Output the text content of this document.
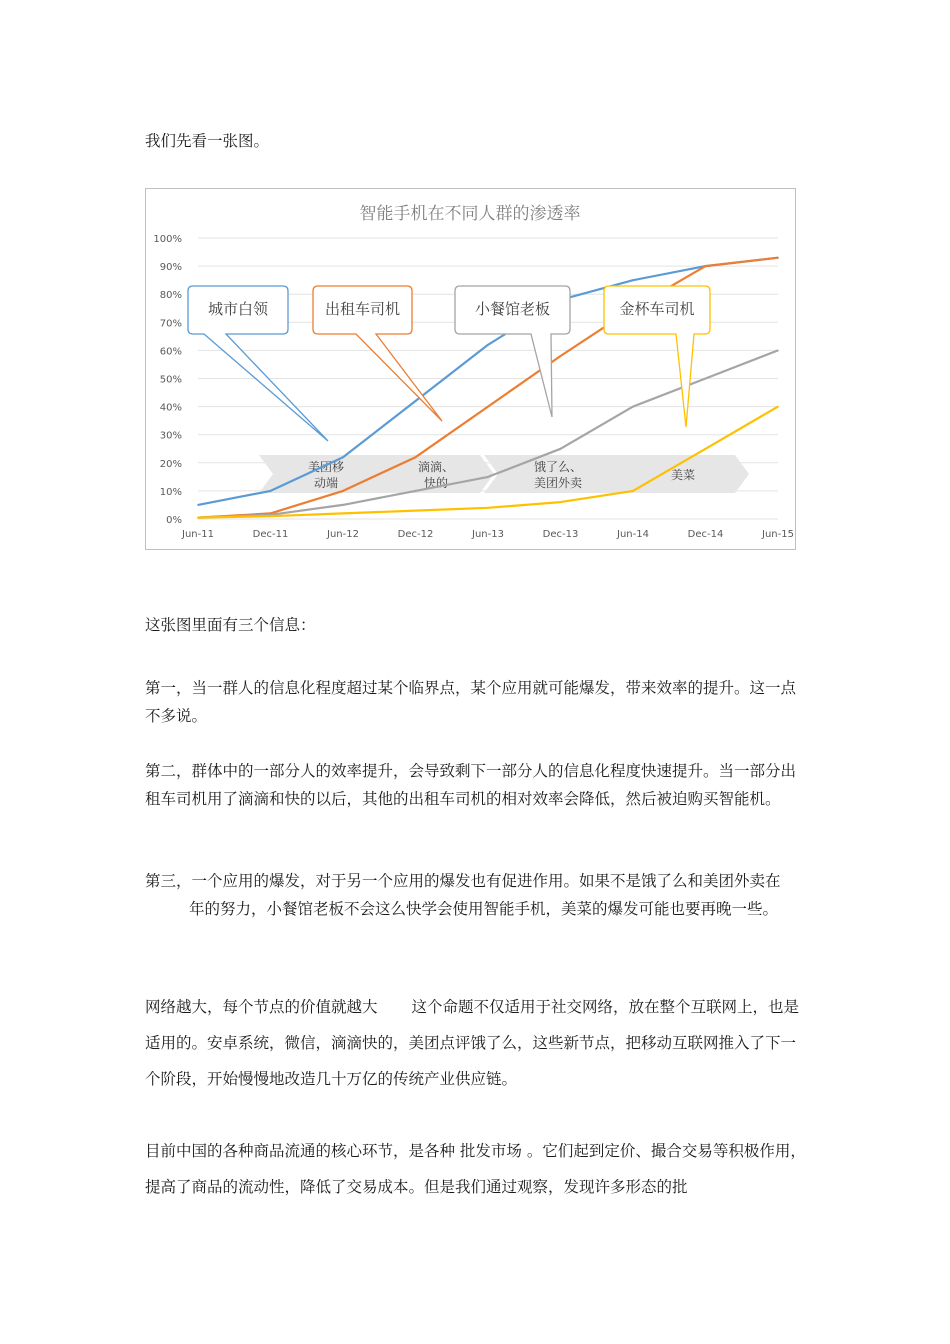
我们先看一张图。

智能手机在不同人群的渗透率
0%
10%
20%
30%
40%
50%
60%
70%
80%
90%
100%
美团移
动端
滴滴、
快的
饿了么、
美团外卖
美菜
城市白领	出租车司机	小餐馆老板	金杯车司机
Jun-11	Dec-11	Jun-12	Dec-12	Jun-13	Dec-13	Jun-14	Dec-14	Jun-15

这张图里面有三个信息：

第一，当一群人的信息化程度超过某个临界点，某个应用就可能爆发，带来效率的提升。这一点不多说。

第二，群体中的一部分人的效率提升，会导致剩下一部分人的信息化程度快速提升。当一部分出租车司机用了滴滴和快的以后，其他的出租车司机的相对效率会降低，然后被迫购买智能机。

第三，一个应用的爆发，对于另一个应用的爆发也有促进作用。如果不是饿了么和美团外卖在年的努力，小餐馆老板不会这么快学会使用智能手机，美菜的爆发可能也要再晚一些。

网络越大，每个节点的价值就越大 这个命题不仅适用于社交网络，放在整个互联网上，也是适用的。安卓系统，微信，滴滴快的，美团点评饿了么，这些新节点，把移动互联网推入了下一个阶段，开始慢慢地改造几十万亿的传统产业供应链。

目前中国的各种商品流通的核心环节，是各种 批发市场 。它们起到定价、撮合交易等积极作用，提高了商品的流动性，降低了交易成本。但是我们通过观察，发现许多形态的批
